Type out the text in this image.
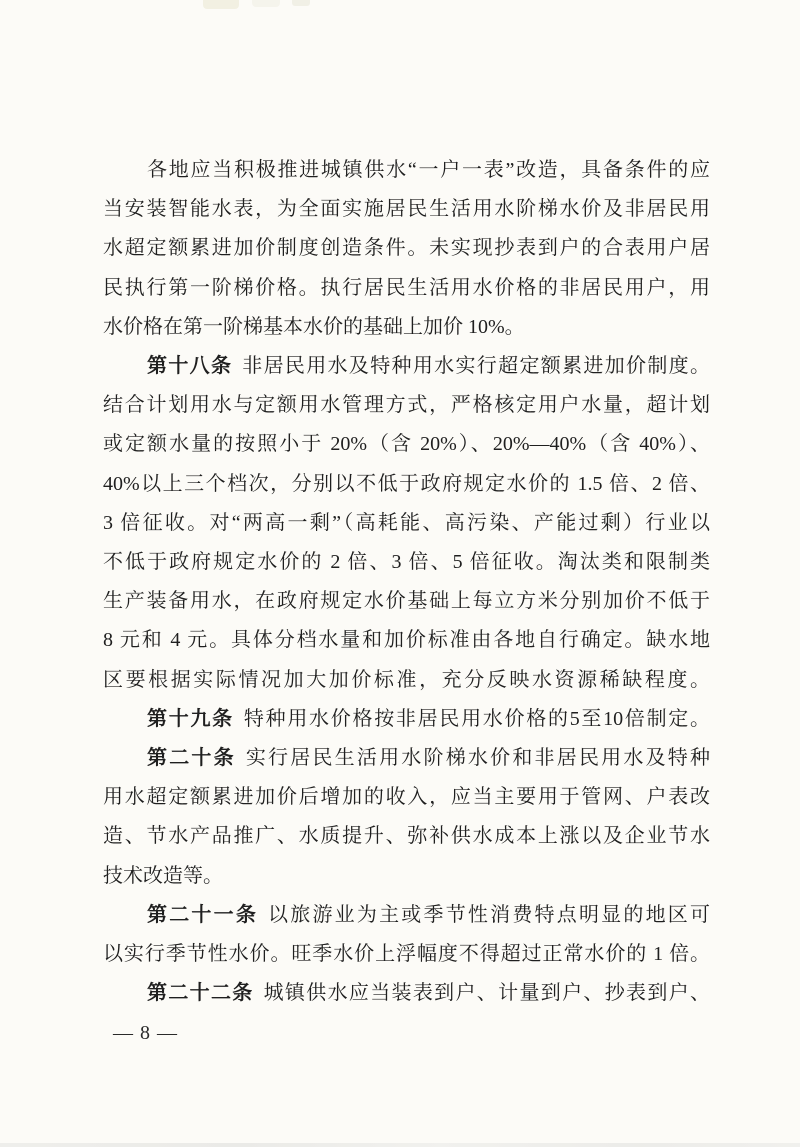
各地应当积极推进城镇供水“一户一表”改造，具备条件的应
当安装智能水表，为全面实施居民生活用水阶梯水价及非居民用
水超定额累进加价制度创造条件。未实现抄表到户的合表用户居
民执行第一阶梯价格。执行居民生活用水价格的非居民用户，用
水价格在第一阶梯基本水价的基础上加价 10%。
第十八条 非居民用水及特种用水实行超定额累进加价制度。
结合计划用水与定额用水管理方式，严格核定用户水量，超计划
或定额水量的按照小于 20%（含 20%）、20%—40%（含 40%）、
40%以上三个档次，分别以不低于政府规定水价的 1.5 倍、2 倍、
3 倍征收。对“两高一剩”（高耗能、高污染、产能过剩）行业以
不低于政府规定水价的 2 倍、3 倍、5 倍征收。淘汰类和限制类
生产装备用水，在政府规定水价基础上每立方米分别加价不低于
8 元和 4 元。具体分档水量和加价标准由各地自行确定。缺水地
区要根据实际情况加大加价标准，充分反映水资源稀缺程度。
第十九条 特种用水价格按非居民用水价格的5至10倍制定。
第二十条 实行居民生活用水阶梯水价和非居民用水及特种
用水超定额累进加价后增加的收入，应当主要用于管网、户表改
造、节水产品推广、水质提升、弥补供水成本上涨以及企业节水
技术改造等。
第二十一条 以旅游业为主或季节性消费特点明显的地区可
以实行季节性水价。旺季水价上浮幅度不得超过正常水价的 1 倍。
第二十二条 城镇供水应当装表到户、计量到户、抄表到户、
— 8 —
